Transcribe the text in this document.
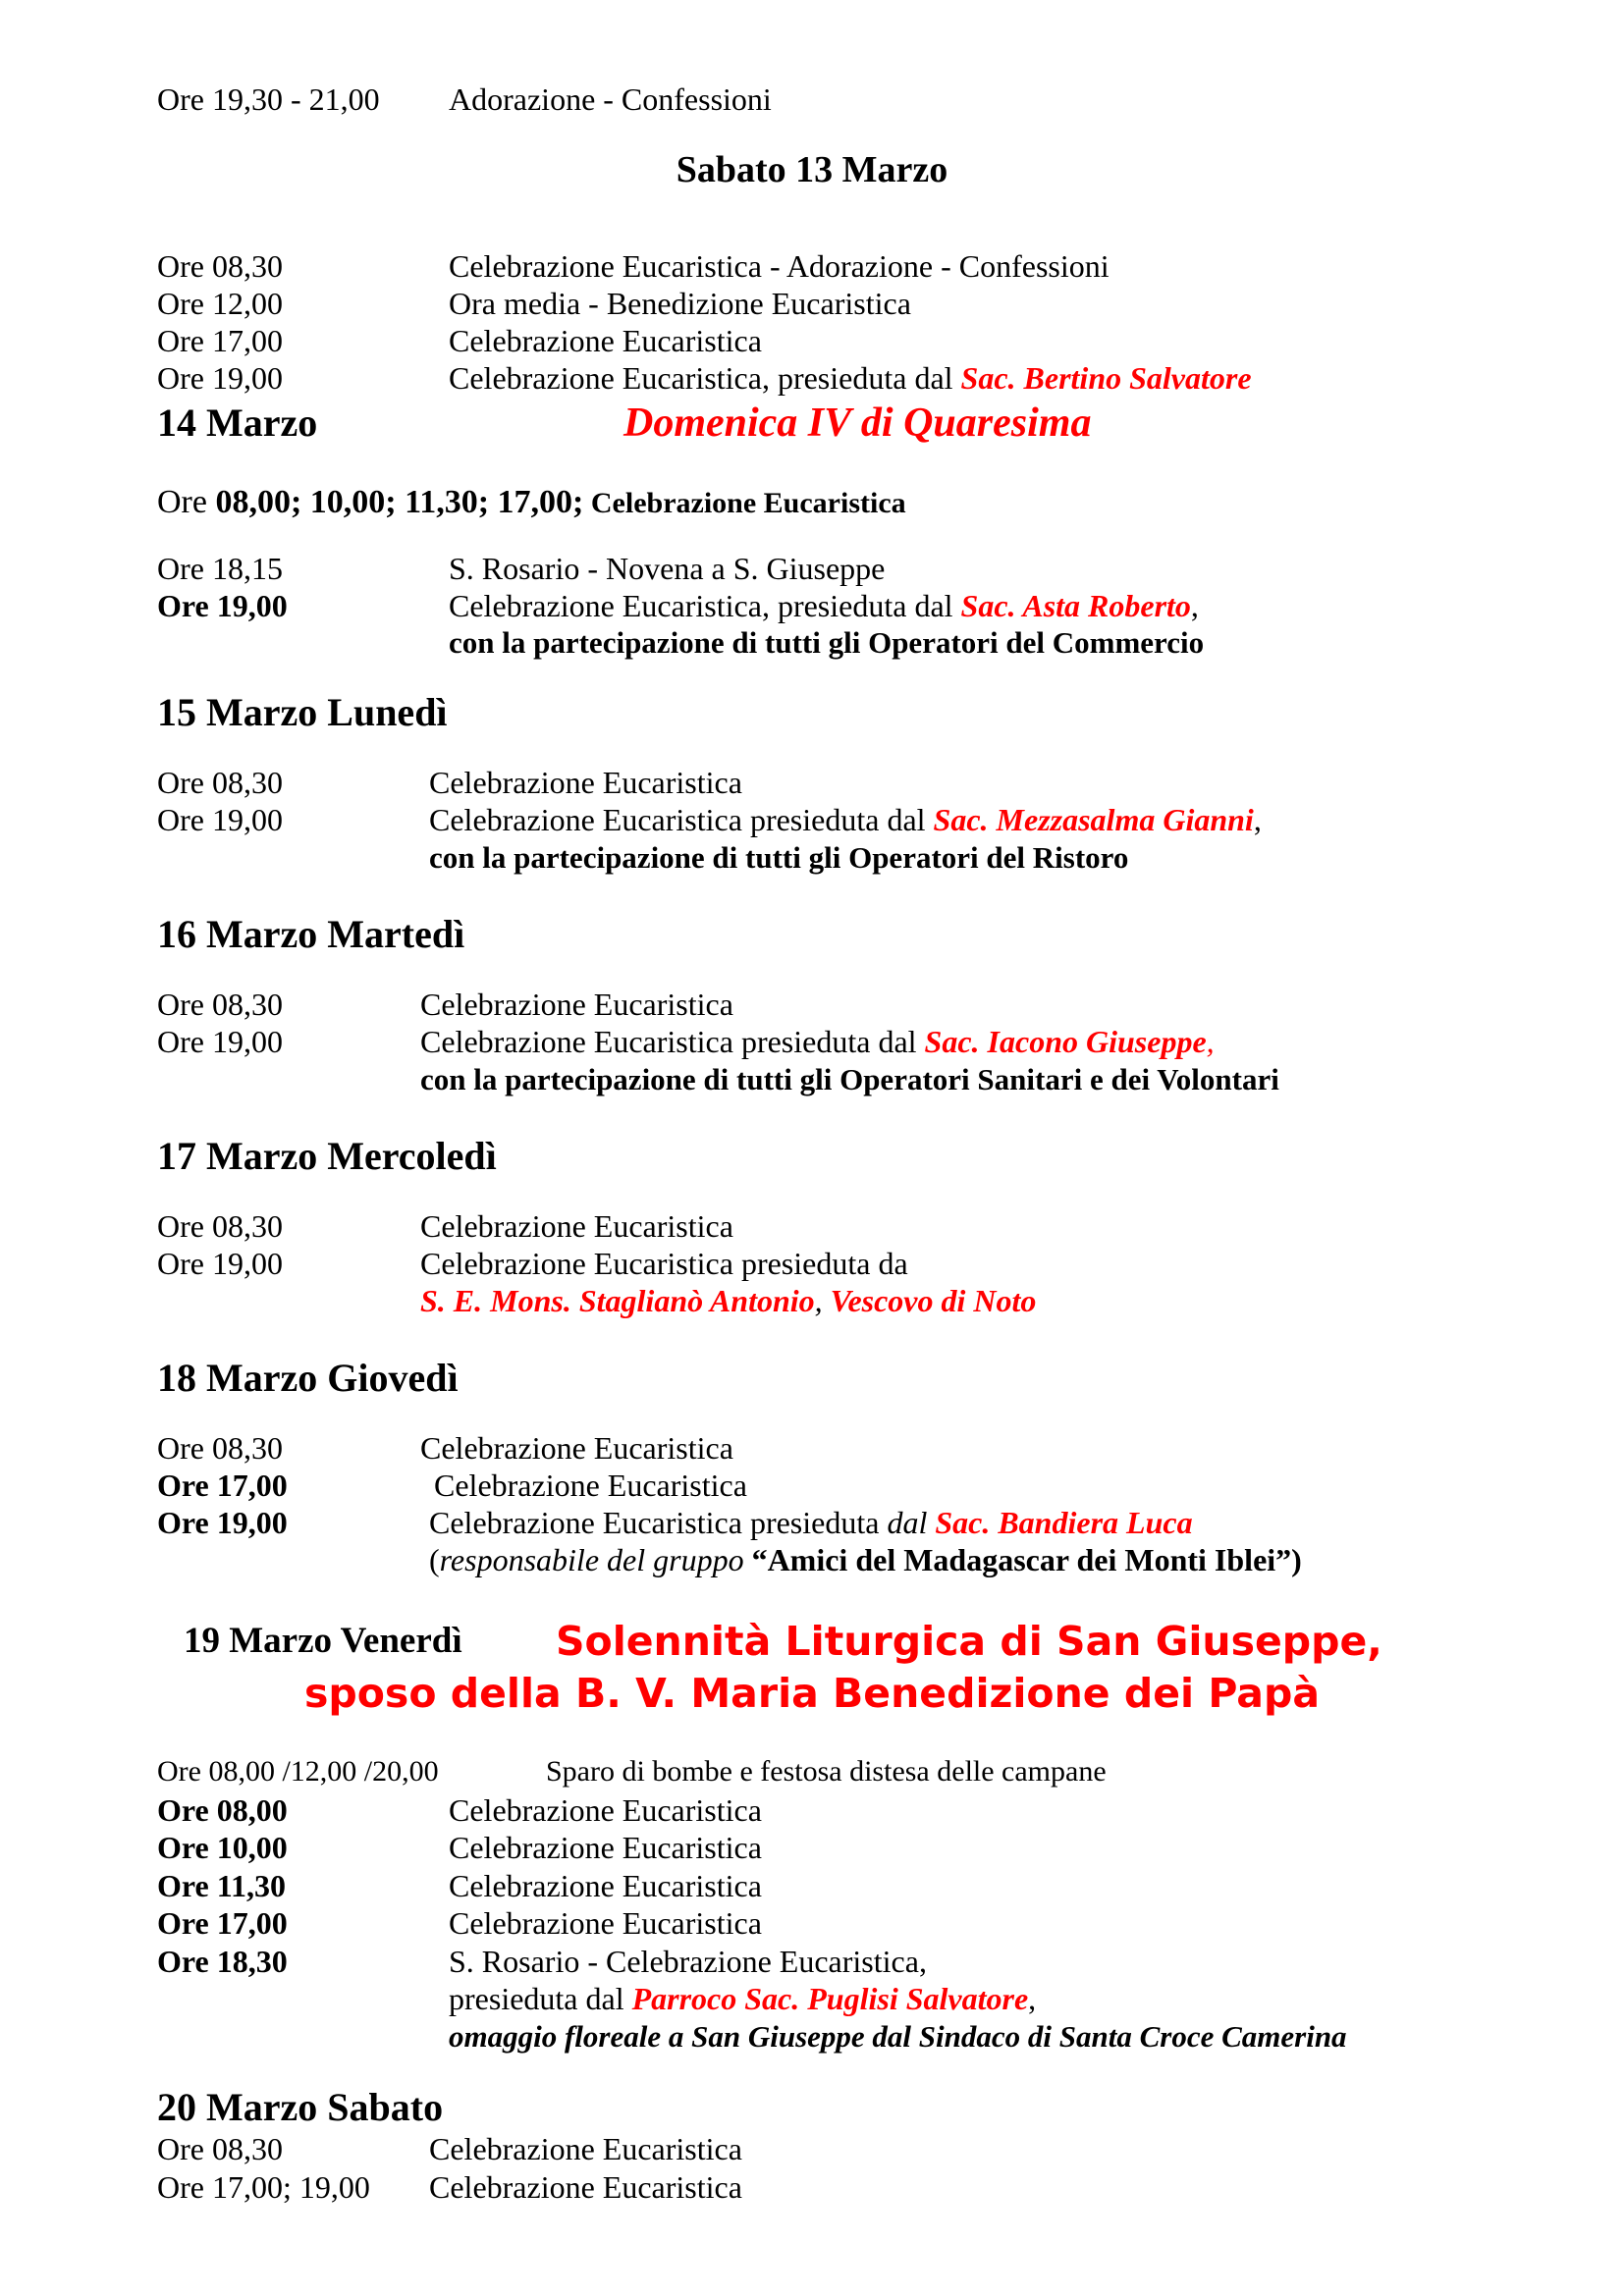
Ore 19,30 - 21,00 Adorazione - Confessioni
Sabato 13 Marzo
Ore 08,30	Celebrazione Eucaristica - Adorazione - Confessioni
Ore 12,00	Ora media - Benedizione Eucaristica
Ore 17,00	Celebrazione Eucaristica
Ore 19,00	Celebrazione Eucaristica, presieduta dal Sac. Bertino Salvatore
14 Marzo	Domenica IV di Quaresima
Ore 08,00; 10,00; 11,30; 17,00; Celebrazione Eucaristica
Ore 18,15	S. Rosario - Novena a S. Giuseppe
Ore 19,00	Celebrazione Eucaristica, presieduta dal Sac. Asta Roberto,
con la partecipazione di tutti gli Operatori del Commercio
15 Marzo Lunedì
Ore 08,30	Celebrazione Eucaristica
Ore 19,00	Celebrazione Eucaristica presieduta dal Sac. Mezzasalma Gianni,
con la partecipazione di tutti gli Operatori del Ristoro
16 Marzo Martedì
Ore 08,30	Celebrazione Eucaristica
Ore 19,00	Celebrazione Eucaristica presieduta dal Sac. Iacono Giuseppe,
con la partecipazione di tutti gli Operatori Sanitari e dei Volontari
17 Marzo Mercoledì
Ore 08,30	Celebrazione Eucaristica
Ore 19,00	Celebrazione Eucaristica presieduta da
S. E. Mons. Staglianò Antonio, Vescovo di Noto
18 Marzo Giovedì
Ore 08,30	Celebrazione Eucaristica
Ore 17,00	Celebrazione Eucaristica
Ore 19,00	Celebrazione Eucaristica presieduta dal Sac. Bandiera Luca
(responsabile del gruppo “Amici del Madagascar dei Monti Iblei”)
19 Marzo Venerdì Solennità Liturgica di San Giuseppe,
sposo della B. V. Maria Benedizione dei Papà
Ore 08,00 /12,00 /20,00	Sparo di bombe e festosa distesa delle campane
Ore 08,00	Celebrazione Eucaristica
Ore 10,00	Celebrazione Eucaristica
Ore 11,30	Celebrazione Eucaristica
Ore 17,00	Celebrazione Eucaristica
Ore 18,30	S. Rosario - Celebrazione Eucaristica,
presieduta dal Parroco Sac. Puglisi Salvatore,
omaggio floreale a San Giuseppe dal Sindaco di Santa Croce Camerina
20 Marzo Sabato
Ore 08,30	Celebrazione Eucaristica
Ore 17,00; 19,00 Celebrazione Eucaristica
